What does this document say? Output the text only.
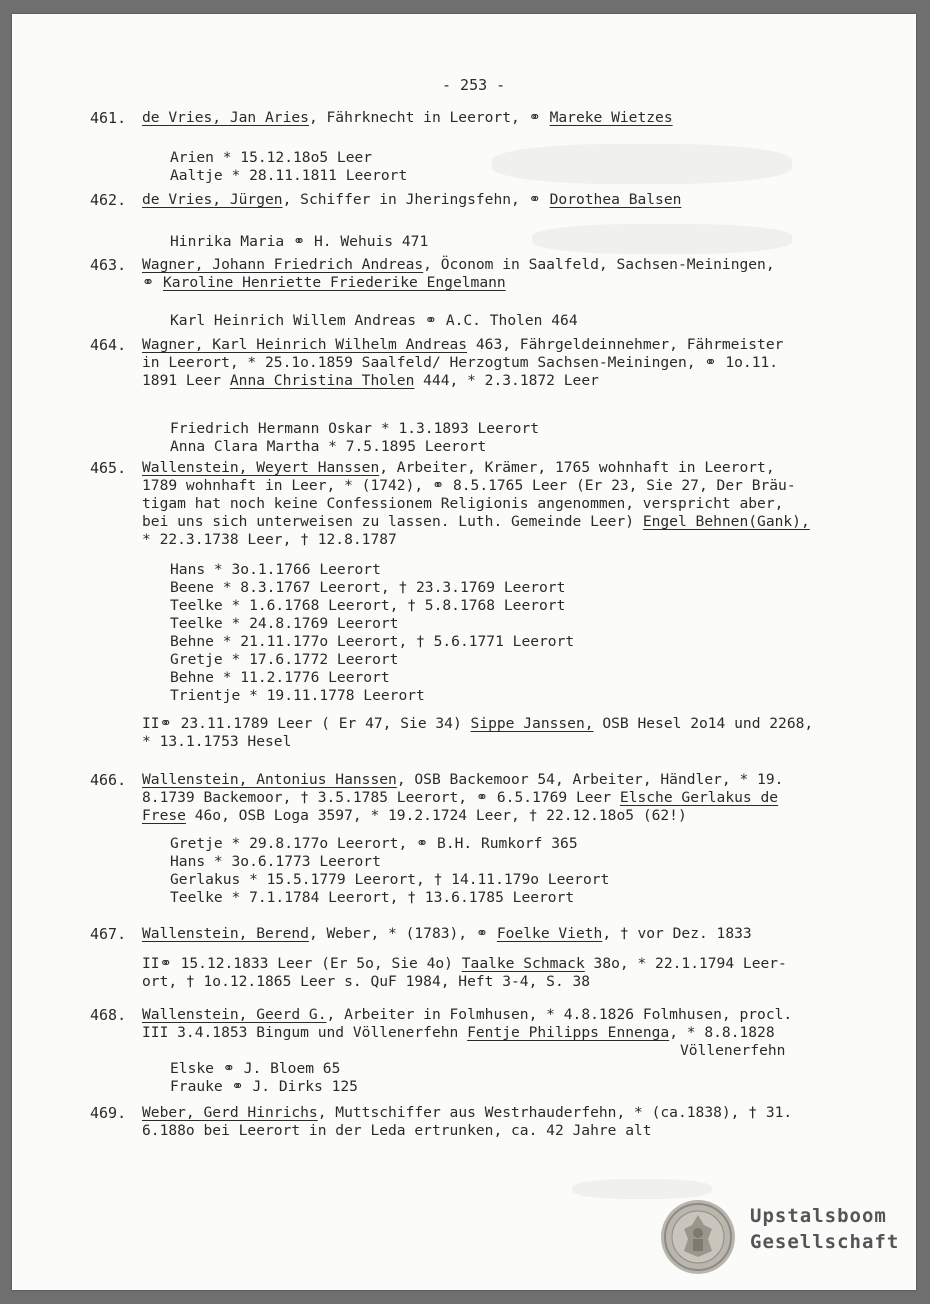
- 253 -
461. de Vries, Jan Aries, Fährknecht in Leerort, ⚭ Mareke Wietzes
Arien * 15.12.18o5 Leer
Aaltje * 28.11.1811 Leerort
462. de Vries, Jürgen, Schiffer in Jheringsfehn, ⚭ Dorothea Balsen
Hinrika Maria ⚭ H. Wehuis 471
463. Wagner, Johann Friedrich Andreas, Öconom in Saalfeld, Sachsen-Meiningen,
⚭ Karoline Henriette Friederike Engelmann
Karl Heinrich Willem Andreas ⚭ A.C. Tholen 464
464. Wagner, Karl Heinrich Wilhelm Andreas 463, Fährgeldeinnehmer, Fährmeister
in Leerort, * 25.1o.1859 Saalfeld/ Herzogtum Sachsen-Meiningen, ⚭ 1o.11.
1891 Leer Anna Christina Tholen 444, * 2.3.1872 Leer
Friedrich Hermann Oskar * 1.3.1893 Leerort
Anna Clara Martha * 7.5.1895 Leerort
465. Wallenstein, Weyert Hanssen, Arbeiter, Krämer, 1765 wohnhaft in Leerort,
1789 wohnhaft in Leer, * (1742), ⚭ 8.5.1765 Leer (Er 23, Sie 27, Der Bräu-
tigam hat noch keine Confessionem Religionis angenommen, verspricht aber,
bei uns sich unterweisen zu lassen. Luth. Gemeinde Leer) Engel Behnen(Gank),
* 22.3.1738 Leer, † 12.8.1787
Hans * 3o.1.1766 Leerort
Beene * 8.3.1767 Leerort, † 23.3.1769 Leerort
Teelke * 1.6.1768 Leerort, † 5.8.1768 Leerort
Teelke * 24.8.1769 Leerort
Behne * 21.11.177o Leerort, † 5.6.1771 Leerort
Gretje * 17.6.1772 Leerort
Behne * 11.2.1776 Leerort
Trientje * 19.11.1778 Leerort
II⚭ 23.11.1789 Leer ( Er 47, Sie 34) Sippe Janssen, OSB Hesel 2o14 und 2268,
* 13.1.1753 Hesel
466. Wallenstein, Antonius Hanssen, OSB Backemoor 54, Arbeiter, Händler, * 19.
8.1739 Backemoor, † 3.5.1785 Leerort, ⚭ 6.5.1769 Leer Elsche Gerlakus de
Frese 46o, OSB Loga 3597, * 19.2.1724 Leer, † 22.12.18o5 (62!)
Gretje * 29.8.177o Leerort, ⚭ B.H. Rumkorf 365
Hans * 3o.6.1773 Leerort
Gerlakus * 15.5.1779 Leerort, † 14.11.179o Leerort
Teelke * 7.1.1784 Leerort, † 13.6.1785 Leerort
467. Wallenstein, Berend, Weber, * (1783), ⚭ Foelke Vieth, † vor Dez. 1833
II⚭ 15.12.1833 Leer (Er 5o, Sie 4o) Taalke Schmack 38o, * 22.1.1794 Leer-
ort, † 1o.12.1865 Leer s. QuF 1984, Heft 3-4, S. 38
468. Wallenstein, Geerd G., Arbeiter in Folmhusen, * 4.8.1826 Folmhusen, procl.
III 3.4.1853 Bingum und Völlenerfehn Fentje Philipps Ennenga, * 8.8.1828
Völlenerfehn
Elske ⚭ J. Bloem 65
Frauke ⚭ J. Dirks 125
469. Weber, Gerd Hinrichs, Muttschiffer aus Westrhauderfehn, * (ca.1838), † 31.
6.188o bei Leerort in der Leda ertrunken, ca. 42 Jahre alt
Upstalsboom
Gesellschaft
